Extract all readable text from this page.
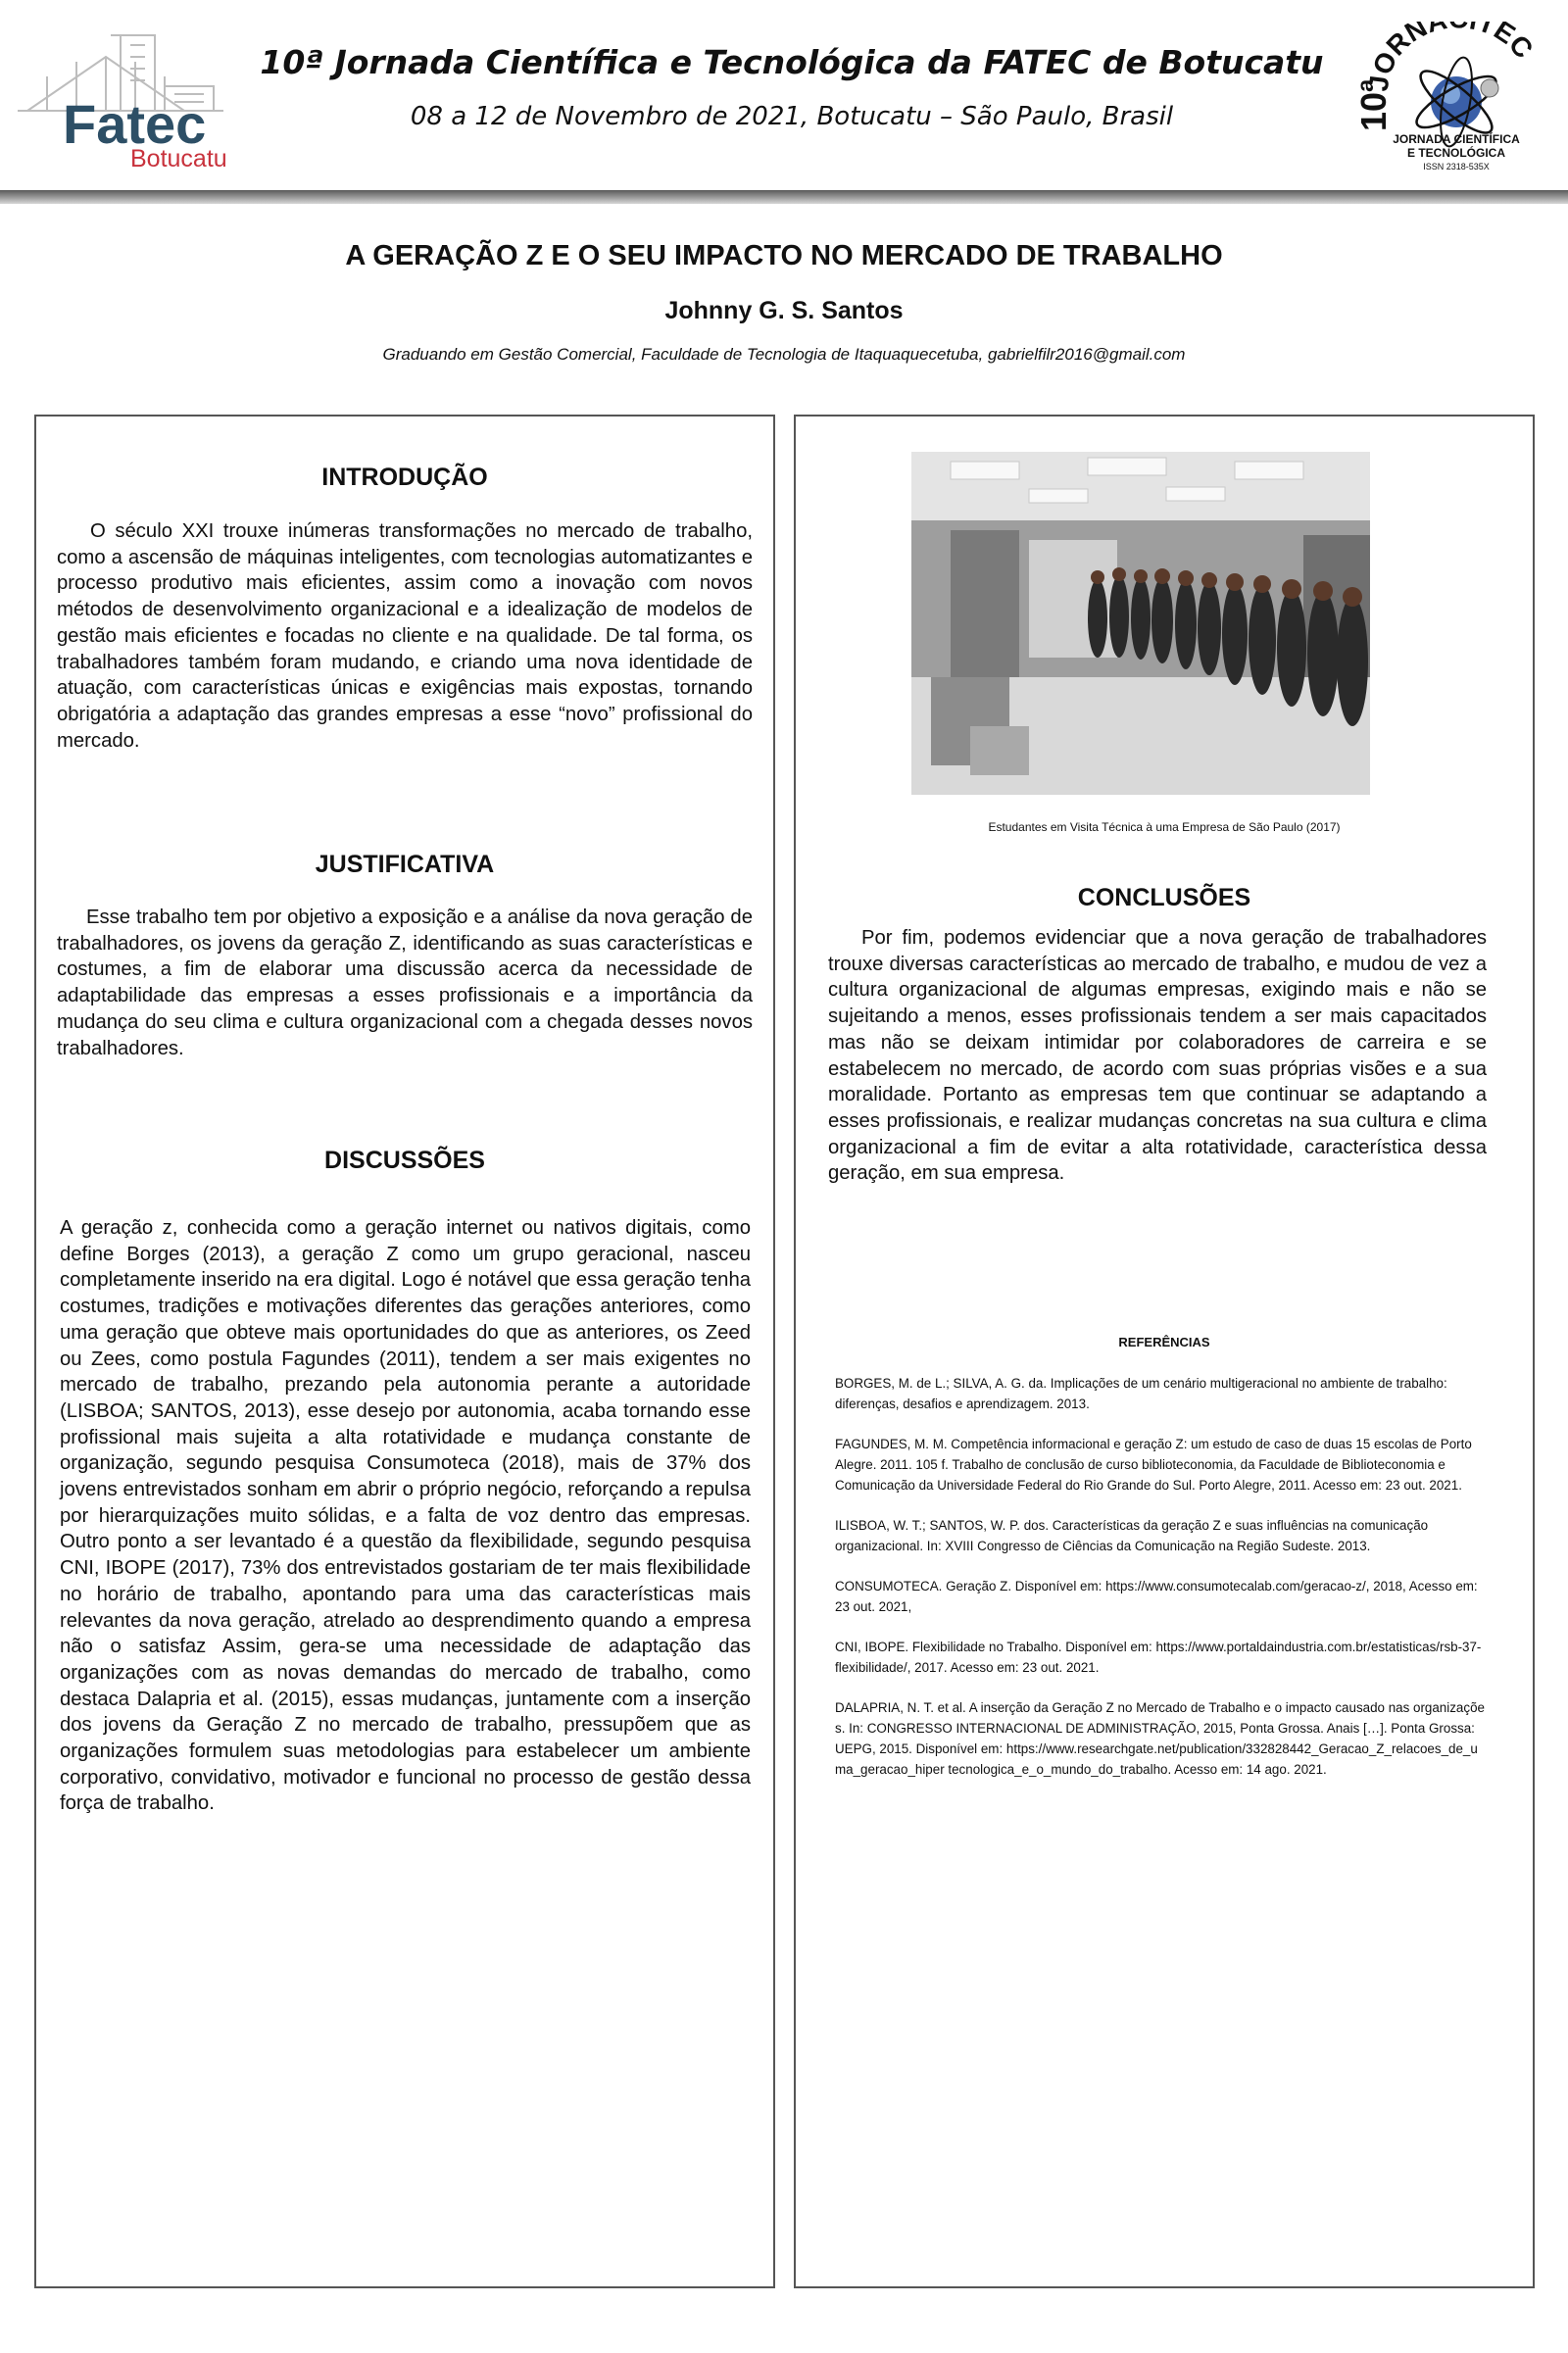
Fatec
Botucatu
10ª Jornada Científica e Tecnológica da FATEC de Botucatu
08 a 12 de Novembro de 2021, Botucatu – São Paulo, Brasil
JORN TEC
10ª
JORNADA CIENTÍFICA
E TECNOLÓGICA
ISSN 2318-535X
A GERAÇÃO Z E O SEU IMPACTO NO MERCADO DE TRABALHO
Johnny G. S. Santos
Graduando em Gestão Comercial, Faculdade de Tecnologia de Itaquaquecetuba, gabrielfilr2016@gmail.com
INTRODUÇÃO
O século XXI trouxe inúmeras transformações no mercado de trabalho, como a ascensão de máquinas inteligentes, com tecnologias automatizantes e processo produtivo mais eficientes, assim como a inovação com novos métodos de desenvolvimento organizacional e a idealização de modelos de gestão mais eficientes e focadas no cliente e na qualidade. De tal forma, os trabalhadores também foram mudando, e criando uma nova identidade de atuação, com características únicas e exigências mais expostas, tornando obrigatória a adaptação das grandes empresas a esse “novo” profissional do mercado.
JUSTIFICATIVA
Esse trabalho tem por objetivo a exposição e a análise da nova geração de trabalhadores, os jovens da geração Z, identificando as suas características e costumes, a fim de elaborar uma discussão acerca da necessidade de adaptabilidade das empresas a esses profissionais e a importância da mudança do seu clima e cultura organizacional com a chegada desses novos trabalhadores.
DISCUSSÕES
A geração z, conhecida como a geração internet ou nativos digitais, como define Borges (2013), a geração Z como um grupo geracional, nasceu completamente inserido na era digital. Logo é notável que essa geração tenha costumes, tradições e motivações diferentes das gerações anteriores, como uma geração que obteve mais oportunidades do que as anteriores, os Zeed ou Zees, como postula Fagundes (2011), tendem a ser mais exigentes no mercado de trabalho, prezando pela autonomia perante a autoridade (LISBOA; SANTOS, 2013), esse desejo por autonomia, acaba tornando esse profissional mais sujeita a alta rotatividade e mudança constante de organização, segundo pesquisa Consumoteca (2018), mais de 37% dos jovens entrevistados sonham em abrir o próprio negócio, reforçando a repulsa por hierarquizações muito sólidas, e a falta de voz dentro das empresas. Outro ponto a ser levantado é a questão da flexibilidade, segundo pesquisa CNI, IBOPE (2017), 73% dos entrevistados gostariam de ter mais flexibilidade no horário de trabalho, apontando para uma das características mais relevantes da nova geração, atrelado ao desprendimento quando a empresa não o satisfaz Assim, gera-se uma necessidade de adaptação das organizações com as novas demandas do mercado de trabalho, como destaca Dalapria et al. (2015), essas mudanças, juntamente com a inserção dos jovens da Geração Z no mercado de trabalho, pressupõem que as organizações formulem suas metodologias para estabelecer um ambiente corporativo, convidativo, motivador e funcional no processo de gestão dessa força de trabalho.
CONCLUSÕES
Por fim, podemos evidenciar que a nova geração de trabalhadores trouxe diversas características ao mercado de trabalho, e mudou de vez a cultura organizacional de algumas empresas, exigindo mais e não se sujeitando a menos, esses profissionais tendem a ser mais capacitados mas não se deixam intimidar por colaboradores de carreira e se estabelecem no mercado, de acordo com suas próprias visões e a sua moralidade. Portanto as empresas tem que continuar se adaptando a esses profissionais, e realizar mudanças concretas na sua cultura e clima organizacional a fim de evitar a alta rotatividade, característica dessa geração, em sua empresa.
REFERÊNCIAS
BORGES, M. de L.; SILVA, A. G. da. Implicações de um cenário multigeracional no ambiente de trabalho: diferenças, desafios e aprendizagem. 2013.
FAGUNDES, M. M. Competência informacional e geração Z: um estudo de caso de duas 15 escolas de Porto Alegre. 2011. 105 f. Trabalho de conclusão de curso biblioteconomia, da Faculdade de Biblioteconomia e Comunicação da Universidade Federal do Rio Grande do Sul. Porto Alegre, 2011. Acesso em: 23 out. 2021.
ILISBOA, W. T.; SANTOS, W. P. dos. Características da geração Z e suas influências na comunicação organizacional. In: XVIII Congresso de Ciências da Comunicação na Região Sudeste. 2013.
CONSUMOTECA. Geração Z. Disponível em: https://www.consumotecalab.com/geracao-z/, 2018, Acesso em: 23 out. 2021,
CNI, IBOPE. Flexibilidade no Trabalho. Disponível em: https://www.portaldaindustria.com.br/estatisticas/rsb-37-flexibilidade/, 2017. Acesso em: 23 out. 2021.
DALAPRIA, N. T. et al. A inserção da Geração Z no Mercado de Trabalho e o impacto causado nas organizações. In: CONGRESSO INTERNACIONAL DE ADMINISTRAÇÃO, 2015, Ponta Grossa. Anais […]. Ponta Grossa: UEPG, 2015. Disponível em: https://www.researchgate.net/publication/332828442_Geracao_Z_relacoes_de_uma_geracao_hiper tecnologica_e_o_mundo_do_trabalho. Acesso em: 14 ago. 2021.
Estudantes em Visita Técnica à uma Empresa de São Paulo (2017)
